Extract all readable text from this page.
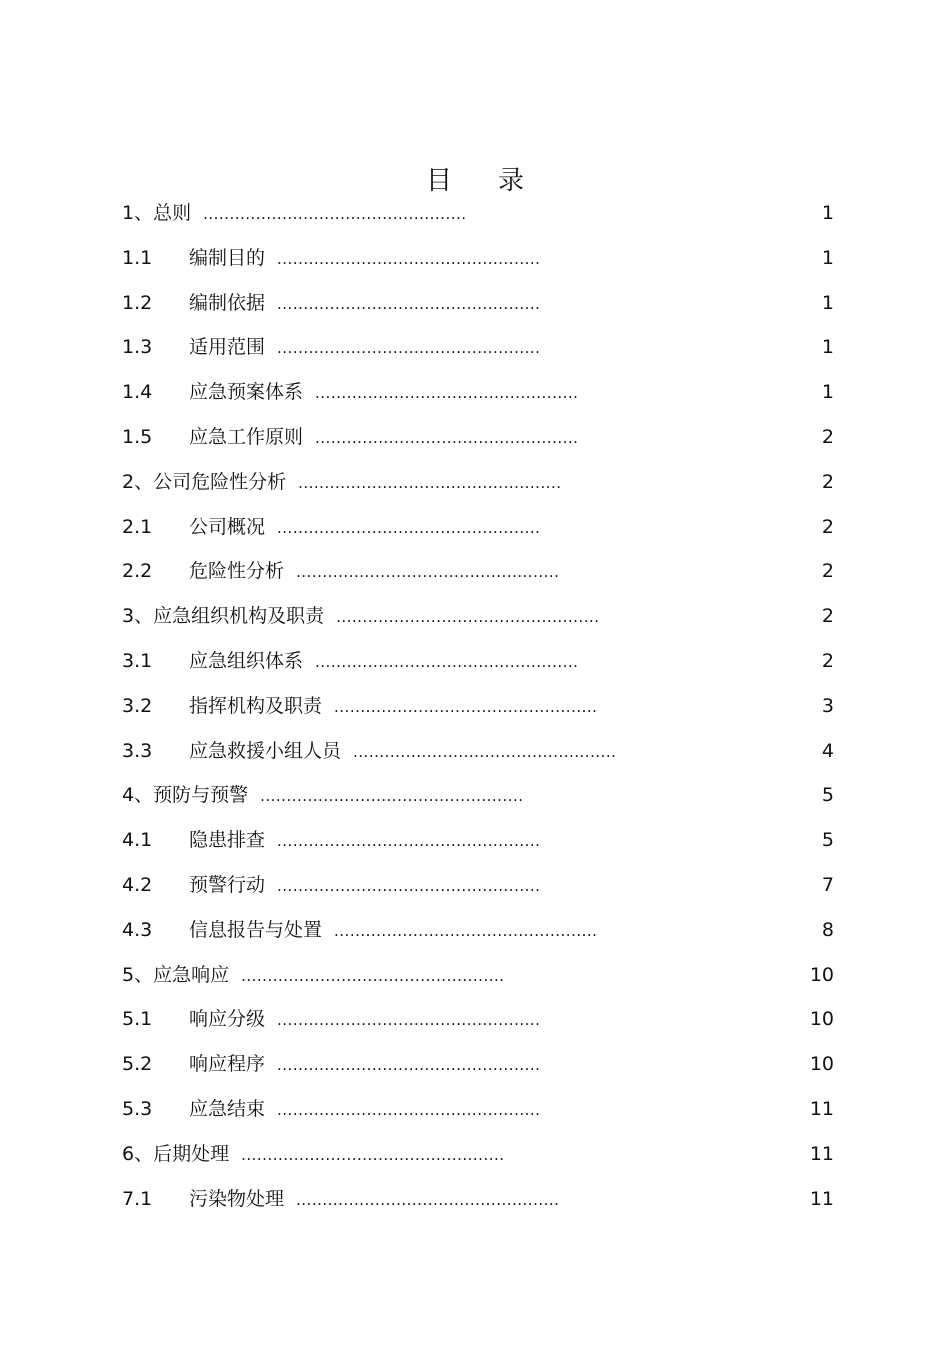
目 录
1、总则 ..................................................	1
1.1 编制目的 ..................................................	1
1.2 编制依据 ..................................................	1
1.3 适用范围 ..................................................	1
1.4 应急预案体系 ..................................................	1
1.5 应急工作原则 ..................................................	2
2、公司危险性分析 ..................................................	2
2.1 公司概况 ..................................................	2
2.2 危险性分析 ..................................................	2
3、应急组织机构及职责 ..................................................	2
3.1 应急组织体系 ..................................................	2
3.2 指挥机构及职责 ..................................................	3
3.3 应急救援小组人员 ..................................................	4
4、预防与预警 ..................................................	5
4.1 隐患排查 ..................................................	5
4.2 预警行动 ..................................................	7
4.3 信息报告与处置 ..................................................	8
5、应急响应 ..................................................	10
5.1 响应分级 ..................................................	10
5.2 响应程序 ..................................................	10
5.3 应急结束 ..................................................	11
6、后期处理 ..................................................	11
7.1 污染物处理 ..................................................	11
